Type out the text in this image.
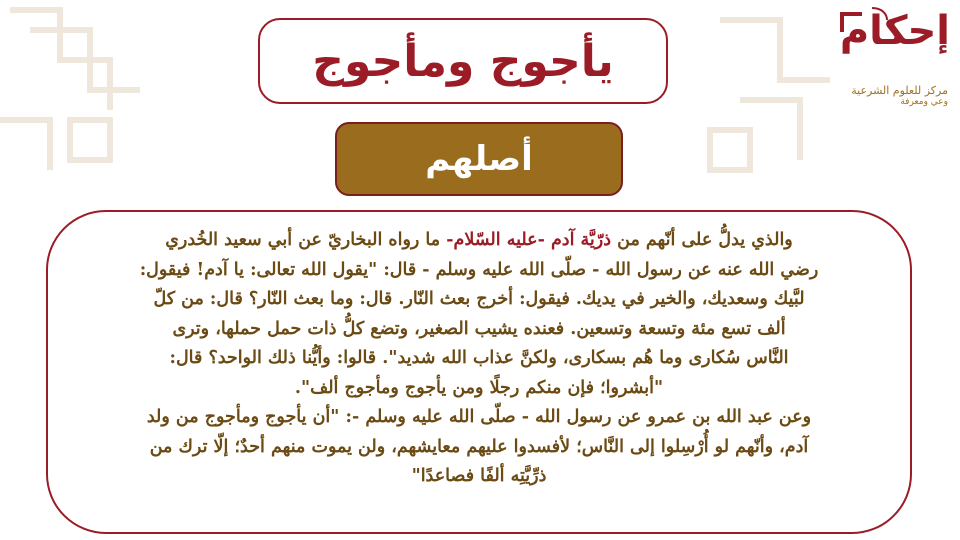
إحكام
مركز للعلوم الشرعية
وعي ومعرفة
يأجوج ومأجوج
أصلهم
والذي يدلُّ على أنّهم من ذرّيَّة آدم -عليه السّلام- ما رواه البخاريّ عن أبي سعيد الخُدري
رضي الله عنه عن رسول الله - صلّى الله عليه وسلم - قال: "يقول الله تعالى: يا آدم! فيقول:
لبَّيك وسعديك، والخير في يديك. فيقول: أخرج بعث النّار. قال: وما بعث النّار؟ قال: من كلّ
ألف تسع مئة وتسعة وتسعين. فعنده يشيب الصغير، وتضع كلُّ ذات حمل حملها، وترى
النَّاس سُكارى وما هُم بسكارى، ولكنَّ عذاب الله شديد". قالوا: وأيُّنا ذلك الواحد؟ قال:
"أبشروا؛ فإن منكم رجلًا ومن يأجوج ومأجوج ألف".
وعن عبد الله بن عمرو عن رسول الله - صلّى الله عليه وسلم -: "أن يأجوج ومأجوج من ولد
آدم، وأنّهم لو أُرْسِلوا إلى النَّاس؛ لأفسدوا عليهم معايشهم، ولن يموت منهم أحدٌ؛ إلّا ترك من
ذرِّيَّتِه ألفًا فصاعدًا"
